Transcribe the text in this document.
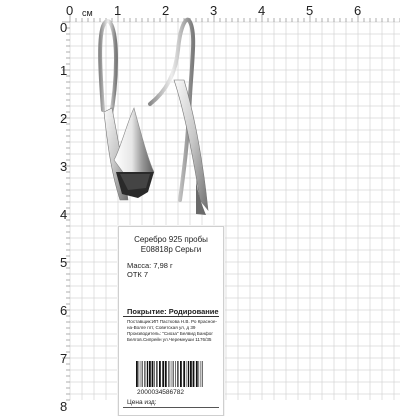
0	1	2	3	4	5	6
0
1
2
3
4
5
6
7
8
см
Серебро 925 пробы
Е08818р Серьги
Масса: 7,98 г
ОТК 7
Покрытие: Родирование
Поставщик:ИП Пасткова Н.В. Ро Красное-на-Волге пгт, Советская ул, д 39 Производитель: "Сиоза" Белвид Банфог Белгов.Сипрейн ул.Черемнуши 1176/35
2000034586782
Цена изд:
